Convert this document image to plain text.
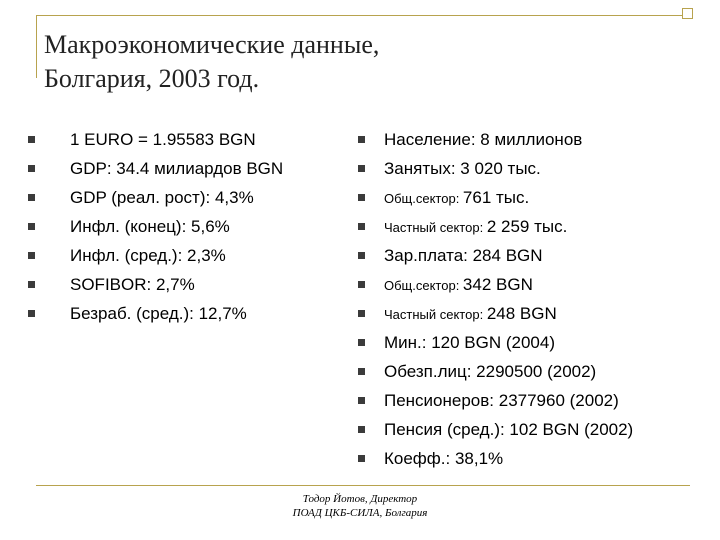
Макроэкономические данные,
Болгария, 2003 год.
1 EURO = 1.95583 BGN
GDP: 34.4 милиардов BGN
GDP (реал. рост): 4,3%
Инфл. (конец): 5,6%
Инфл. (сред.): 2,3%
SOFIBOR: 2,7%
Безраб. (сред.): 12,7%
Население: 8 миллионов
Занятых: 3 020 тыс.
Общ.сектор: 761 тыс.
Частный сектор: 2 259 тыс.
Зар.плата: 284 BGN
Общ.сектор: 342 BGN
Частный сектор: 248 BGN
Мин.: 120 BGN (2004)
Обезп.лиц: 2290500 (2002)
Пенсионеров: 2377960 (2002)
Пенсия (сред.): 102 BGN (2002)
Коефф.: 38,1%
Тодор Йотов, Директор
ПОАД ЦКБ-СИЛА, Болгария
